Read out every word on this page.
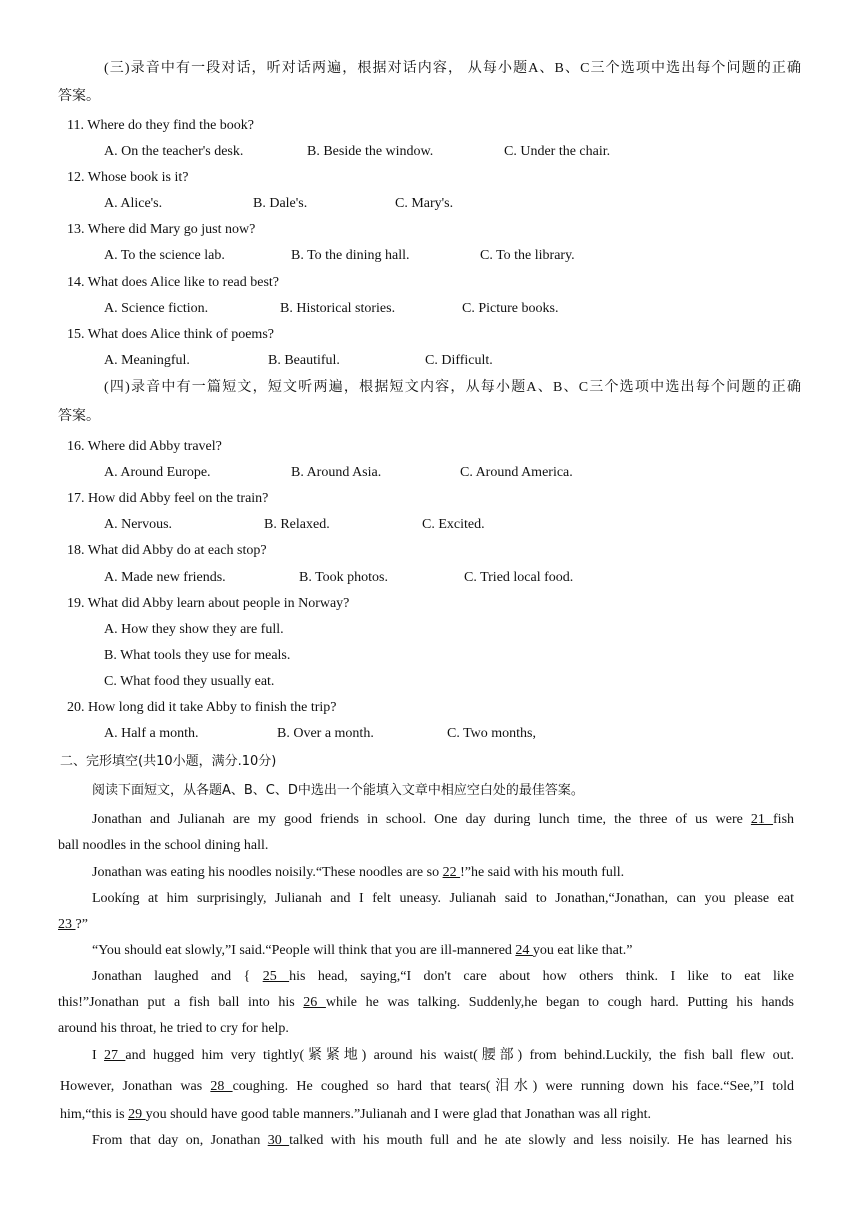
(三)录音中有一段对话，听对话两遍，根据对话内容， 从每小题A、B、C三个选项中选出每个问题的正确
答案。
11. Where do they find the book?
A. On the teacher's desk.	B. Beside the window.	C. Under the chair.
12. Whose book is it?
A. Alice's.	B. Dale's.	C. Mary's.
13. Where did Mary go just now?
A. To the science lab.	B. To the dining hall.	C. To the library.
14. What does Alice like to read best?
A. Science fiction.	B. Historical stories.	C. Picture books.
15. What does Alice think of poems?
A. Meaningful.	B. Beautiful.	C. Difficult.
(四)录音中有一篇短文，短文听两遍，根据短文内容，从每小题A、B、C三个选项中选出每个问题的正确
答案。
16. Where did Abby travel?
A. Around Europe.	B. Around Asia.	C. Around America.
17. How did Abby feel on the train?
A. Nervous.	B. Relaxed.	C. Excited.
18. What did Abby do at each stop?
A. Made new friends.	B. Took photos.	C. Tried local food.
19. What did Abby learn about people in Norway?
A. How they show they are full.
B. What tools they use for meals.
C. What food they usually eat.
20. How long did it take Abby to finish the trip?
A. Half a month.	B. Over a month.	C. Two months,
二、完形填空(共10小题，满分.10分)
阅读下面短文，从各题A、B、C、D中选出一个能填入文章中相应空白处的最佳答案。
Jonathan and Julianah are my good friends in school. One day during lunch time, the three of us were 21 fish
ball noodles in the school dining hall.
Jonathan was eating his noodles noisily.“These noodles are so 22 !”he said with his mouth full.
Lookíng at him surprisingly, Julianah and I felt uneasy. Julianah said to Jonathan,“Jonathan, can you please eat
23 ?”
“You should eat slowly,”I said.“People will think that you are ill-mannered 24 you eat like that.”
Jonathan laughed and { 25 his head, saying,“I don't care about how others think. I like to eat like
this!”Jonathan put a fish ball into his 26 while he was talking. Suddenly,he began to cough hard. Putting his hands
around his throat, he tried to cry for help.
I 27 and hugged him very tightly(紧紧地) around his waist(腰部) from behind.Luckily, the fish ball flew out.
However, Jonathan was 28 coughing. He coughed so hard that tears(泪水) were running down his face.“See,”I told
him,“this is 29 you should have good table manners.”Julianah and I were glad that Jonathan was all right.
From that day on, Jonathan 30 talked with his mouth full and he ate slowly and less noisily. He has learned his
